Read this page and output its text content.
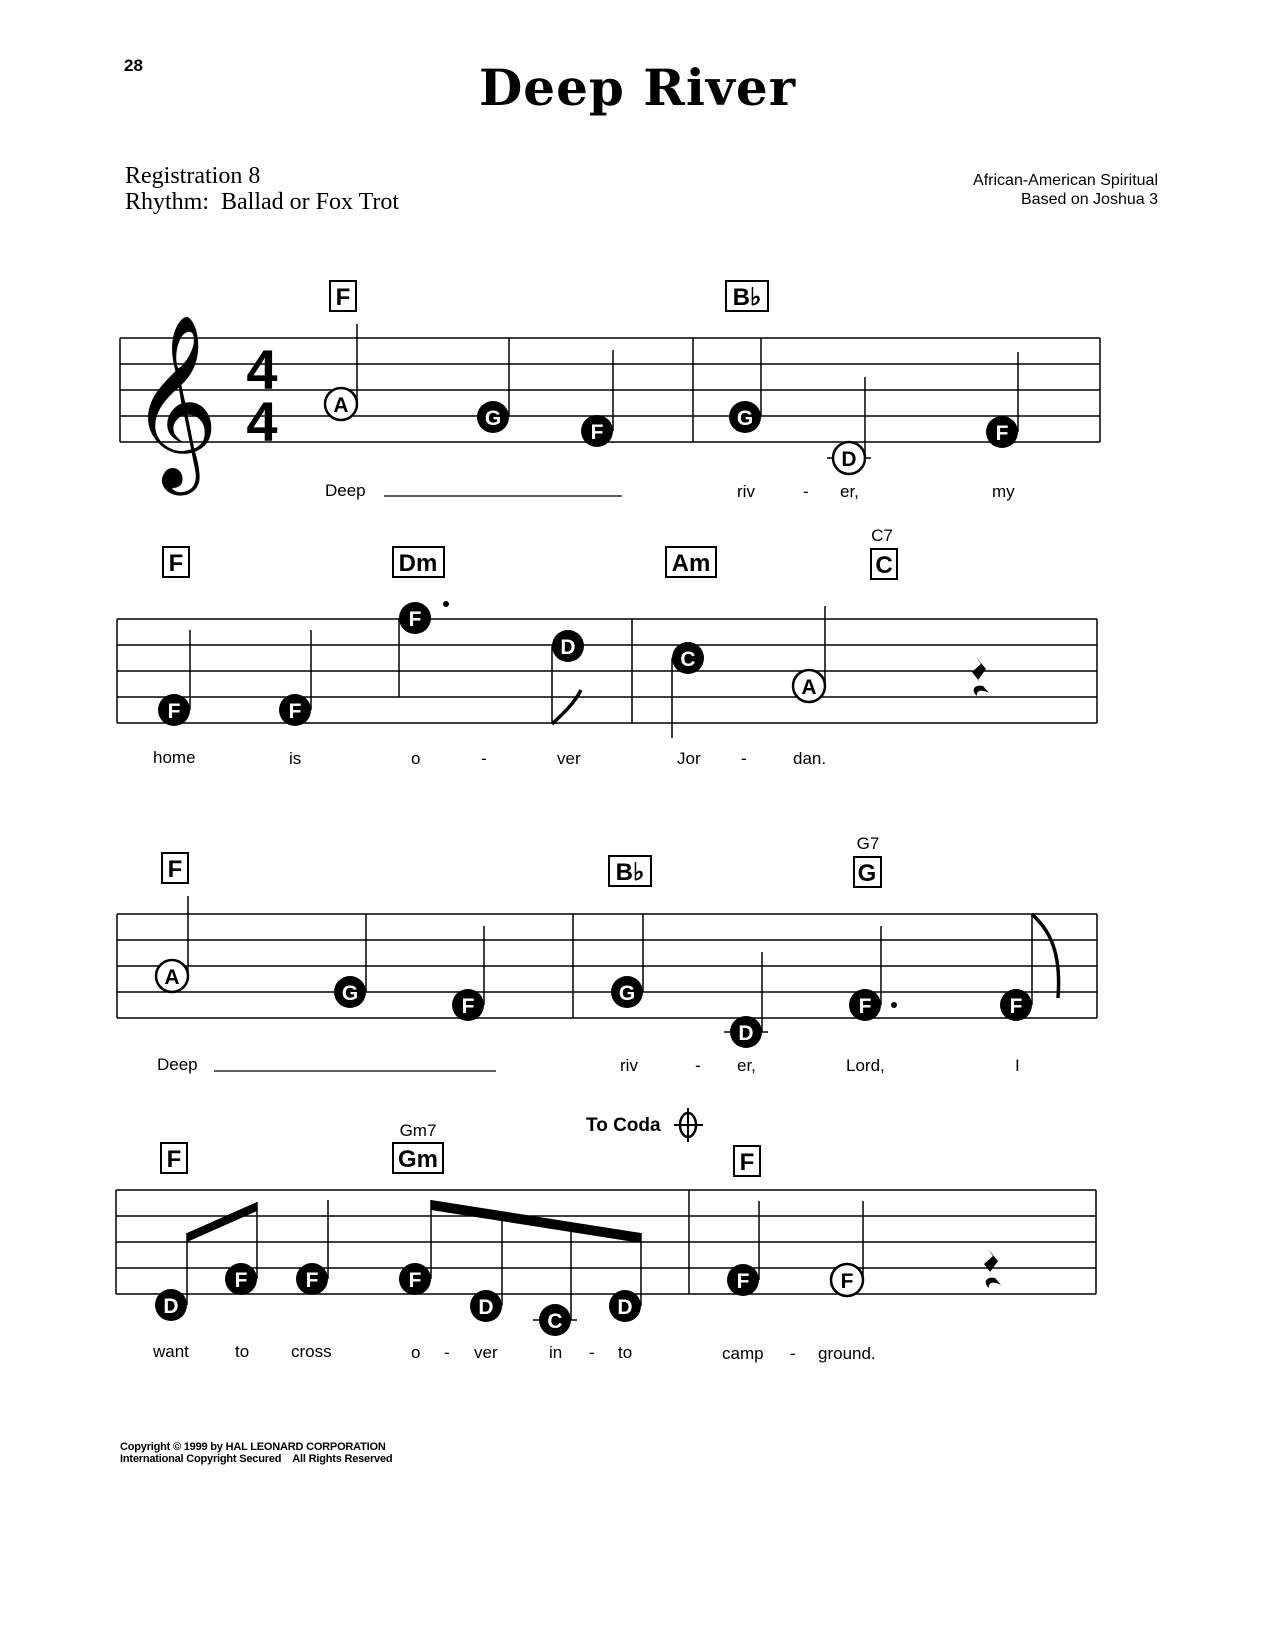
28	Deep River
Registration 8
Rhythm:  Ballad or Fox Trot
African-American Spiritual
Based on Joshua 3
Copyright © 1999 by HAL LEONARD CORPORATION
International Copyright Secured    All Rights Reserved
𝄞 4
4
F	B♭
A
G
F
G
D
F
Deep	riv	- er,	my
F	Dm	Am
C7
C
F	F
F
D
C
A
home	is	o	-	ver	Jor -	dan.
F	B♭
G7
G
A
G
F
G
D
F	F
Deep	riv	- er,	Lord,	I
To Coda
F
Gm7
Gm	F
D
F	F	F
D
C
D
F	F
want	to cross	o - ver	in - to	camp - ground.
